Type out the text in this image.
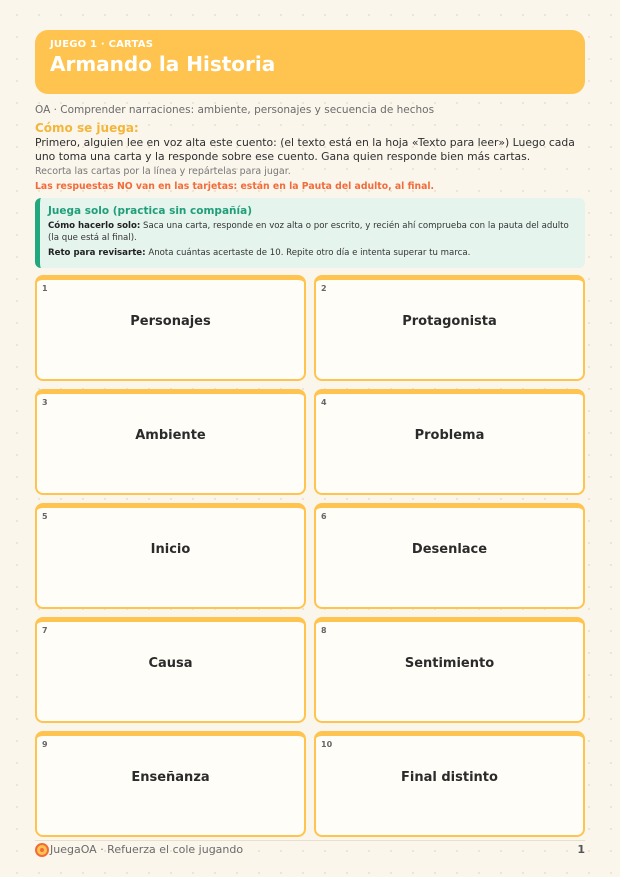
JUEGO 1 · CARTAS
Armando la Historia
OA · Comprender narraciones: ambiente, personajes y secuencia de hechos
Cómo se juega:
Primero, alguien lee en voz alta este cuento: (el texto está en la hoja «Texto para leer») Luego cada uno toma una carta y la responde sobre ese cuento. Gana quien responde bien más cartas.
Recorta las cartas por la línea y repártelas para jugar.
Las respuestas NO van en las tarjetas: están en la Pauta del adulto, al final.
Juega solo (practica sin compañía)
Cómo hacerlo solo: Saca una carta, responde en voz alta o por escrito, y recién ahí comprueba con la pauta del adulto (la que está al final).
Reto para revisarte: Anota cuántas acertaste de 10. Repite otro día e intenta superar tu marca.
1
Personajes
2
Protagonista
3
Ambiente
4
Problema
5
Inicio
6
Desenlace
7
Causa
8
Sentimiento
9
Enseñanza
10
Final distinto
JuegaOA · Refuerza el cole jugando	1
